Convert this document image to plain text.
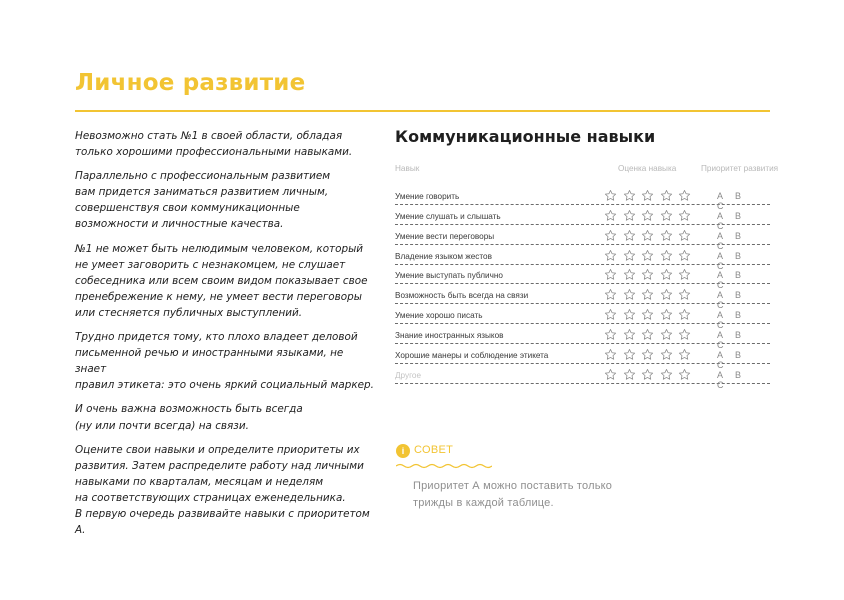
Личное развитие

Невозможно стать №1 в своей области, обладая
только хорошими профессиональными навыками.

Параллельно с профессиональным развитием
вам придется заниматься развитием личным,
совершенствуя свои коммуникационные
возможности и личностные качества.

№1 не может быть нелюдимым человеком, который
не умеет заговорить с незнакомцем, не слушает
собеседника или всем своим видом показывает свое
пренебрежение к нему, не умеет вести переговоры
или стесняется публичных выступлений.

Трудно придется тому, кто плохо владеет деловой
письменной речью и иностранными языками, не знает
правил этикета: это очень яркий социальный маркер.

И очень важна возможность быть всегда
(ну или почти всегда) на связи.

Оцените свои навыки и определите приоритеты их
развития. Затем распределите работу над личными
навыками по кварталам, месяцам и неделям
на соответствующих страницах еженедельника.
В первую очередь развивайте навыки с приоритетом
А.

Коммуникационные навыки
Навык	Оценка навыка	Приоритет развития
Умение говорить	A BC
Умение слушать и слышать	A BC
Умение вести переговоры	A BC
Владение языком жестов	A BC
Умение выступать публично	A BC
Возможность быть всегда на связи	A BC
Умение хорошо писать	A BC
Знание иностранных языков	A BC
Хорошие манеры и соблюдение этикета	A BC
Другое	A BC
i СОВЕТ
Приоритет А можно поставить только
трижды в каждой таблице.
